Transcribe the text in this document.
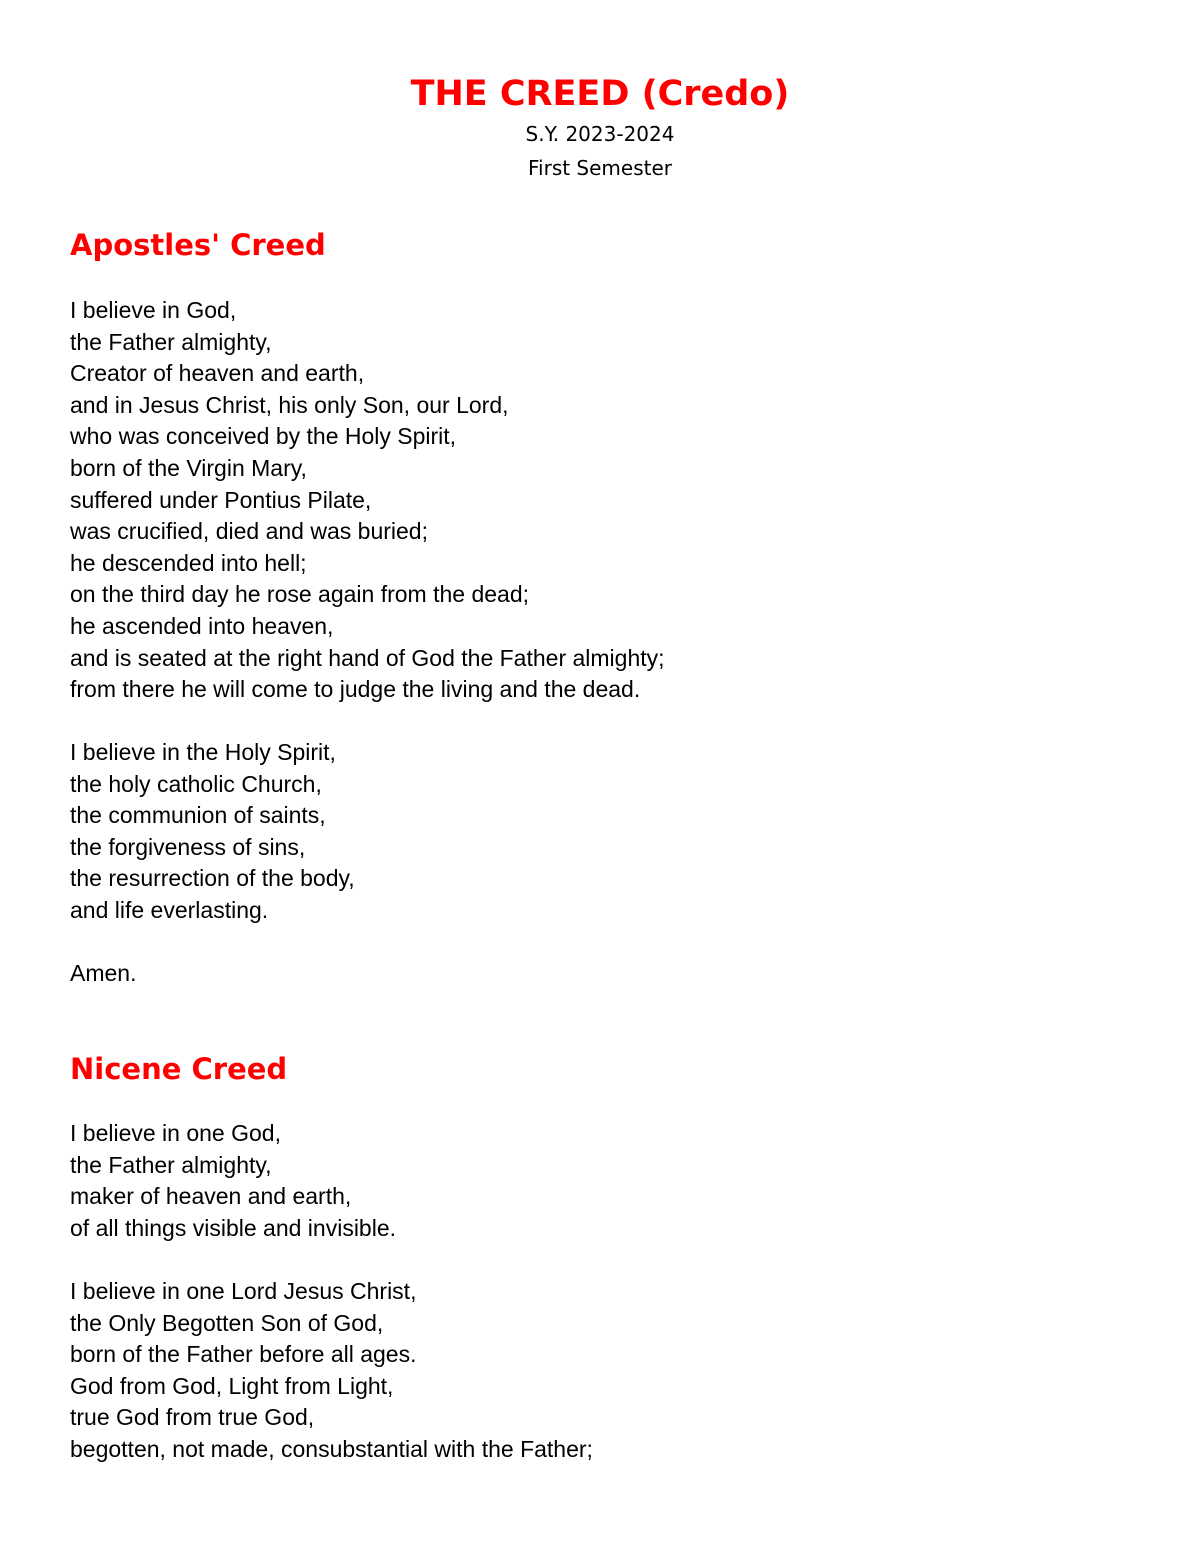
THE CREED (Credo)

S.Y. 2023-2024

First Semester

Apostles' Creed
I believe in God,
the Father almighty,
Creator of heaven and earth,
and in Jesus Christ, his only Son, our Lord,
who was conceived by the Holy Spirit,
born of the Virgin Mary,
suffered under Pontius Pilate,
was crucified, died and was buried;
he descended into hell;
on the third day he rose again from the dead;
he ascended into heaven,
and is seated at the right hand of God the Father almighty;
from there he will come to judge the living and the dead.
I believe in the Holy Spirit,
the holy catholic Church,
the communion of saints,
the forgiveness of sins,
the resurrection of the body,
and life everlasting.
Amen.
Nicene Creed
I believe in one God,
the Father almighty,
maker of heaven and earth,
of all things visible and invisible.
I believe in one Lord Jesus Christ,
the Only Begotten Son of God,
born of the Father before all ages.
God from God, Light from Light,
true God from true God,
begotten, not made, consubstantial with the Father;
